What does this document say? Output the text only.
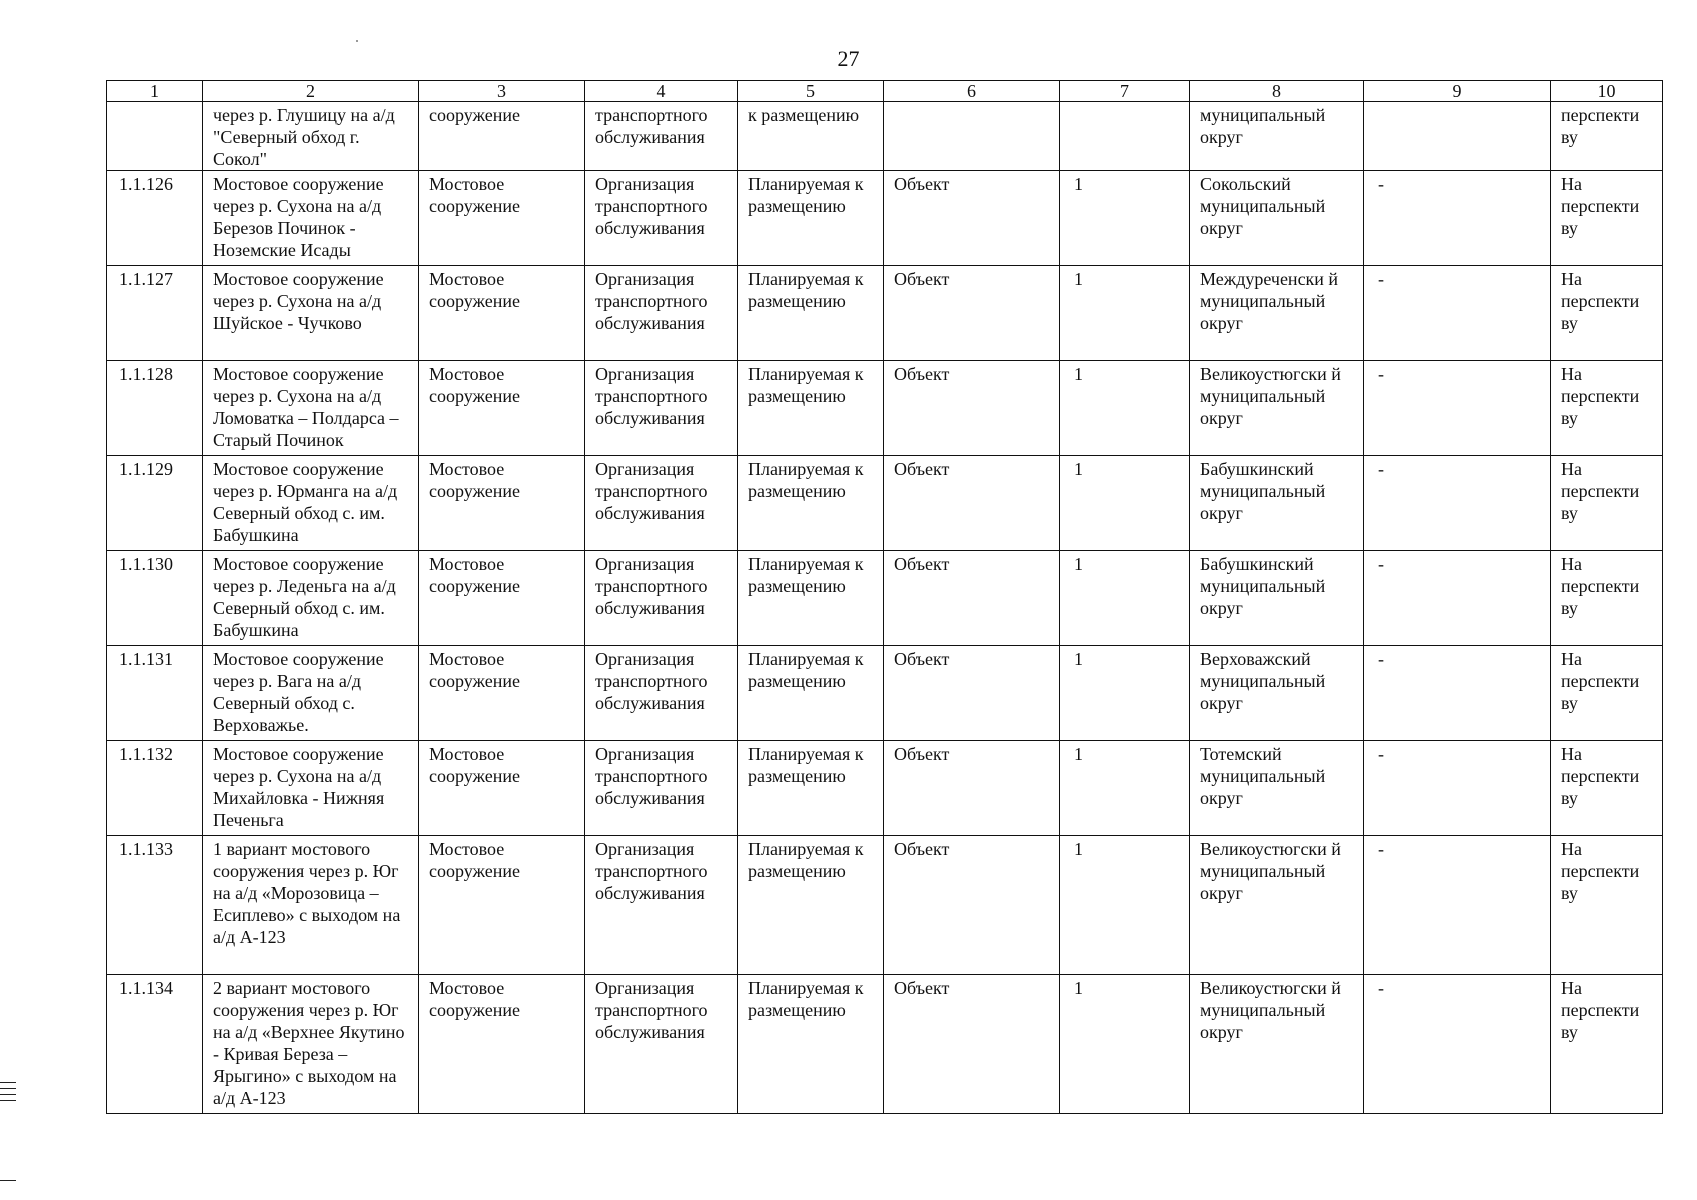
27
1	2	3	4	5	6	7	8	9	10
	через р. Глушицу на а/д "Северный обход г. Сокол"	сооружение	транспортного обслуживания	к размещению			муниципальный округ		перспекти ву
1.1.126	Мостовое сооружение через р. Сухона на а/д Березов Починок - Ноземские Исады	Мостовое сооружение	Организация транспортного обслуживания	Планируемая к размещению	Объект	1	Сокольский муниципальный округ	-	На перспекти ву
1.1.127	Мостовое сооружение через р. Сухона на а/д Шуйское - Чучково	Мостовое сооружение	Организация транспортного обслуживания	Планируемая к размещению	Объект	1	Междуреченски й муниципальный округ	-	На перспекти ву
1.1.128	Мостовое сооружение через р. Сухона на а/д Ломоватка – Полдарса – Старый Починок	Мостовое сооружение	Организация транспортного обслуживания	Планируемая к размещению	Объект	1	Великоустюгски й муниципальный округ	-	На перспекти ву
1.1.129	Мостовое сооружение через р. Юрманга на а/д Северный обход с. им. Бабушкина	Мостовое сооружение	Организация транспортного обслуживания	Планируемая к размещению	Объект	1	Бабушкинский муниципальный округ	-	На перспекти ву
1.1.130	Мостовое сооружение через р. Леденьга на а/д Северный обход с. им. Бабушкина	Мостовое сооружение	Организация транспортного обслуживания	Планируемая к размещению	Объект	1	Бабушкинский муниципальный округ	-	На перспекти ву
1.1.131	Мостовое сооружение через р. Вага на а/д Северный обход с. Верховажье.	Мостовое сооружение	Организация транспортного обслуживания	Планируемая к размещению	Объект	1	Верховажский муниципальный округ	-	На перспекти ву
1.1.132	Мостовое сооружение через р. Сухона на а/д Михайловка - Нижняя Печеньга	Мостовое сооружение	Организация транспортного обслуживания	Планируемая к размещению	Объект	1	Тотемский муниципальный округ	-	На перспекти ву
1.1.133	1 вариант мостового сооружения через р. Юг на а/д «Морозовица – Есиплево» с выходом на а/д А-123	Мостовое сооружение	Организация транспортного обслуживания	Планируемая к размещению	Объект	1	Великоустюгски й муниципальный округ	-	На перспекти ву
1.1.134	2 вариант мостового сооружения через р. Юг на а/д «Верхнее Якутино - Кривая Береза – Ярыгино» с выходом на а/д А-123	Мостовое сооружение	Организация транспортного обслуживания	Планируемая к размещению	Объект	1	Великоустюгски й муниципальный округ	-	На перспекти ву
